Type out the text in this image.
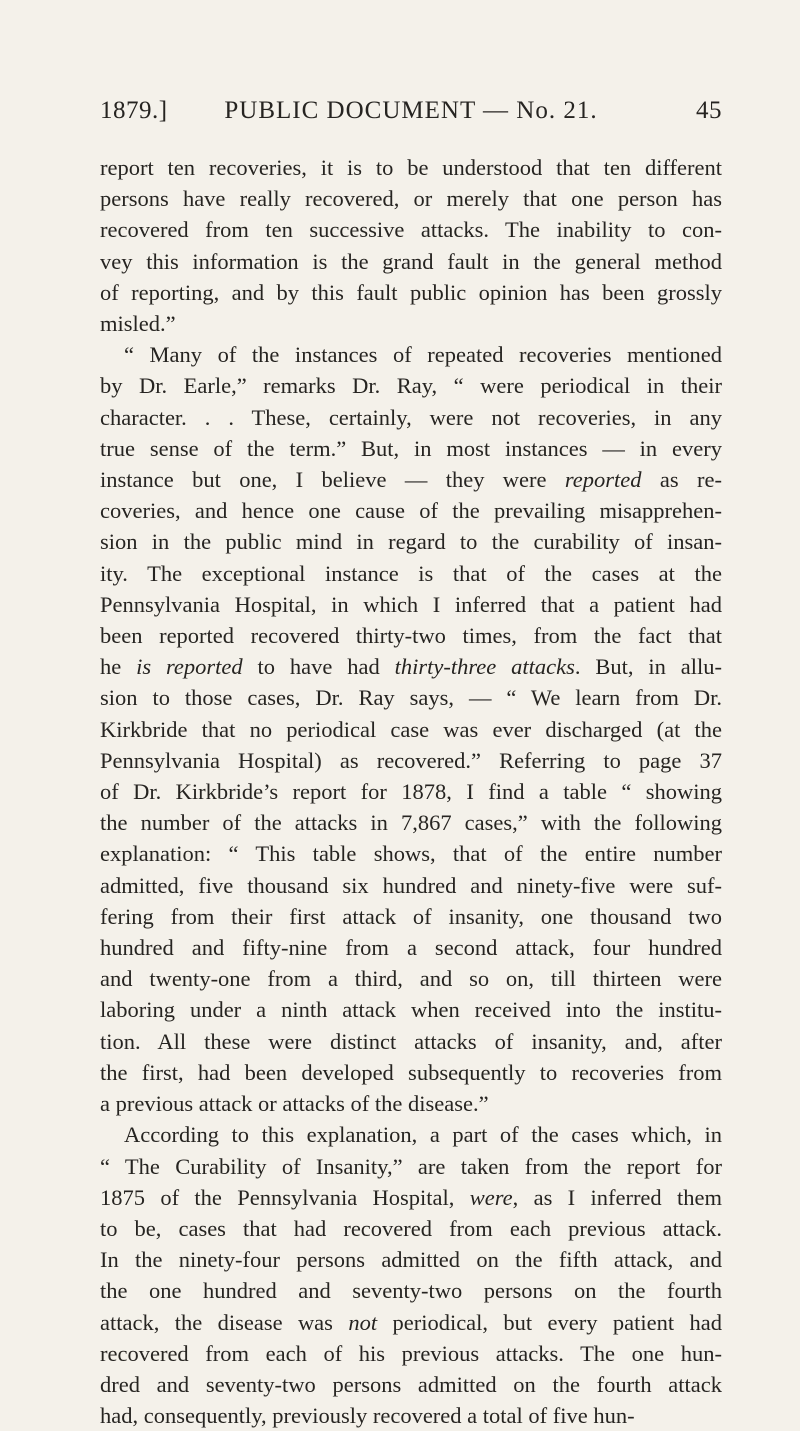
1879.]	PUBLIC DOCUMENT — No. 21.	45
report ten recoveries, it is to be understood that ten different
persons have really recovered, or merely that one person has
recovered from ten successive attacks. The inability to con-
vey this information is the grand fault in the general method
of reporting, and by this fault public opinion has been grossly
misled.”
“ Many of the instances of repeated recoveries mentioned
by Dr. Earle,” remarks Dr. Ray, “ were periodical in their
character. . . These, certainly, were not recoveries, in any
true sense of the term.” But, in most instances — in every
instance but one, I believe — they were reported as re-
coveries, and hence one cause of the prevailing misapprehen-
sion in the public mind in regard to the curability of insan-
ity. The exceptional instance is that of the cases at the
Pennsylvania Hospital, in which I inferred that a patient had
been reported recovered thirty-two times, from the fact that
he is reported to have had thirty-three attacks. But, in allu-
sion to those cases, Dr. Ray says, — “ We learn from Dr.
Kirkbride that no periodical case was ever discharged (at the
Pennsylvania Hospital) as recovered.” Referring to page 37
of Dr. Kirkbride’s report for 1878, I find a table “ showing
the number of the attacks in 7,867 cases,” with the following
explanation: “ This table shows, that of the entire number
admitted, five thousand six hundred and ninety-five were suf-
fering from their first attack of insanity, one thousand two
hundred and fifty-nine from a second attack, four hundred
and twenty-one from a third, and so on, till thirteen were
laboring under a ninth attack when received into the institu-
tion. All these were distinct attacks of insanity, and, after
the first, had been developed subsequently to recoveries from
a previous attack or attacks of the disease.”
According to this explanation, a part of the cases which, in
“ The Curability of Insanity,” are taken from the report for
1875 of the Pennsylvania Hospital, were, as I inferred them
to be, cases that had recovered from each previous attack.
In the ninety-four persons admitted on the fifth attack, and
the one hundred and seventy-two persons on the fourth
attack, the disease was not periodical, but every patient had
recovered from each of his previous attacks. The one hun-
dred and seventy-two persons admitted on the fourth attack
had, consequently, previously recovered a total of five hun-
